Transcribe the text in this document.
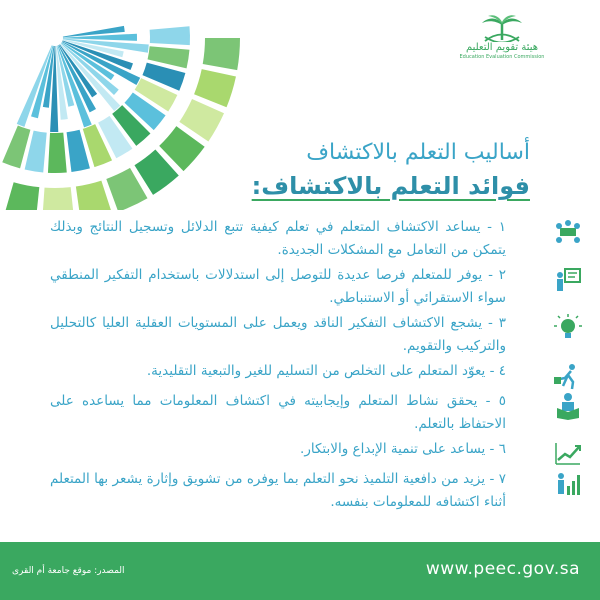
هيئة تقويم التعليم
Education Evaluation Commission
أساليب التعلم بالاكتشاف
فوائد التعلم بالاكتشاف:
١ - يساعد الاكتشاف المتعلم في تعلم كيفية تتبع الدلائل وتسجيل النتائج وبذلك يتمكن من التعامل مع المشكلات الجديدة.
٢ - يوفر للمتعلم فرصا عديدة للتوصل إلى استدلالات باستخدام التفكير المنطقي سواء الاستقرائي أو الاستنباطي.
٣ - يشجع الاكتشاف التفكير الناقد ويعمل على المستويات العقلية العليا كالتحليل والتركيب والتقويم.
٤ - يعوّد المتعلم على التخلص من التسليم للغير والتبعية التقليدية.
٥ - يحقق نشاط المتعلم وإيجابيته في اكتشاف المعلومات مما يساعده على الاحتفاظ بالتعلم.
٦ - يساعد على تنمية الإبداع والابتكار.
٧ - يزيد من دافعية التلميذ نحو التعلم بما يوفره من تشويق وإثارة يشعر بها المتعلم أثناء اكتشافه للمعلومات بنفسه.
www.peec.gov.sa
المصدر: موقع جامعة أم القرى
